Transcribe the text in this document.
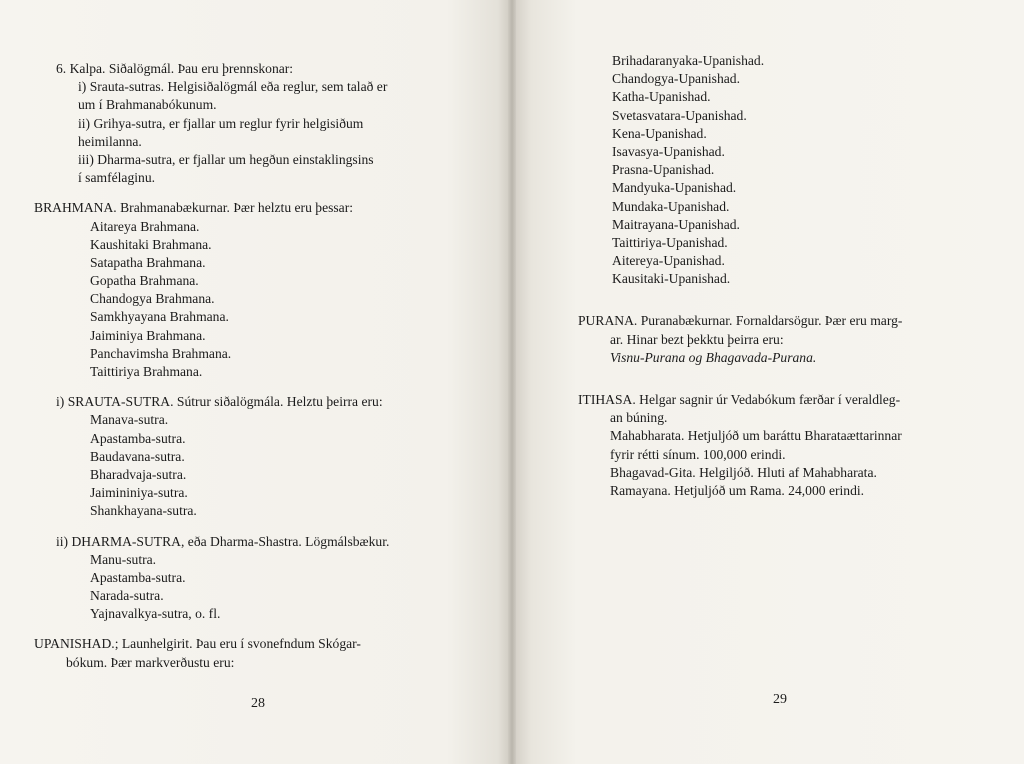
6. Kalpa. Siðalögmál. Þau eru þrennskonar:
i) Srauta-sutras. Helgisiðalögmál eða reglur, sem talað er
um í Brahmanabókunum.
ii) Grihya-sutra, er fjallar um reglur fyrir helgisiðum
heimilanna.
iii) Dharma-sutra, er fjallar um hegðun einstaklingsins
í samfélaginu.
BRAHMANA. Brahmanabækurnar. Þær helztu eru þessar:
Aitareya Brahmana.
Kaushitaki Brahmana.
Satapatha Brahmana.
Gopatha Brahmana.
Chandogya Brahmana.
Samkhyayana Brahmana.
Jaiminiya Brahmana.
Panchavimsha Brahmana.
Taittiriya Brahmana.
i) SRAUTA-SUTRA. Sútrur siðalögmála. Helztu þeirra eru:
Manava-sutra.
Apastamba-sutra.
Baudavana-sutra.
Bharadvaja-sutra.
Jaimininiya-sutra.
Shankhayana-sutra.
ii) DHARMA-SUTRA, eða Dharma-Shastra. Lögmálsbækur.
Manu-sutra.
Apastamba-sutra.
Narada-sutra.
Yajnavalkya-sutra, o. fl.
UPANISHAD.; Launhelgirit. Þau eru í svonefndum Skógar-
bókum. Þær markverðustu eru:
28
Brihadaranyaka-Upanishad.
Chandogya-Upanishad.
Katha-Upanishad.
Svetasvatara-Upanishad.
Kena-Upanishad.
Isavasya-Upanishad.
Prasna-Upanishad.
Mandyuka-Upanishad.
Mundaka-Upanishad.
Maitrayana-Upanishad.
Taittiriya-Upanishad.
Aitereya-Upanishad.
Kausitaki-Upanishad.
PURANA. Puranabækurnar. Fornaldarsögur. Þær eru marg-
ar. Hinar bezt þekktu þeirra eru:
Visnu-Purana og Bhagavada-Purana.
ITIHASA. Helgar sagnir úr Vedabókum færðar í veraldleg-
an búning.
Mahabharata. Hetjuljóð um baráttu Bharataættarinnar
fyrir rétti sínum. 100,000 erindi.
Bhagavad-Gita. Helgiljóð. Hluti af Mahabharata.
Ramayana. Hetjuljóð um Rama. 24,000 erindi.
29
